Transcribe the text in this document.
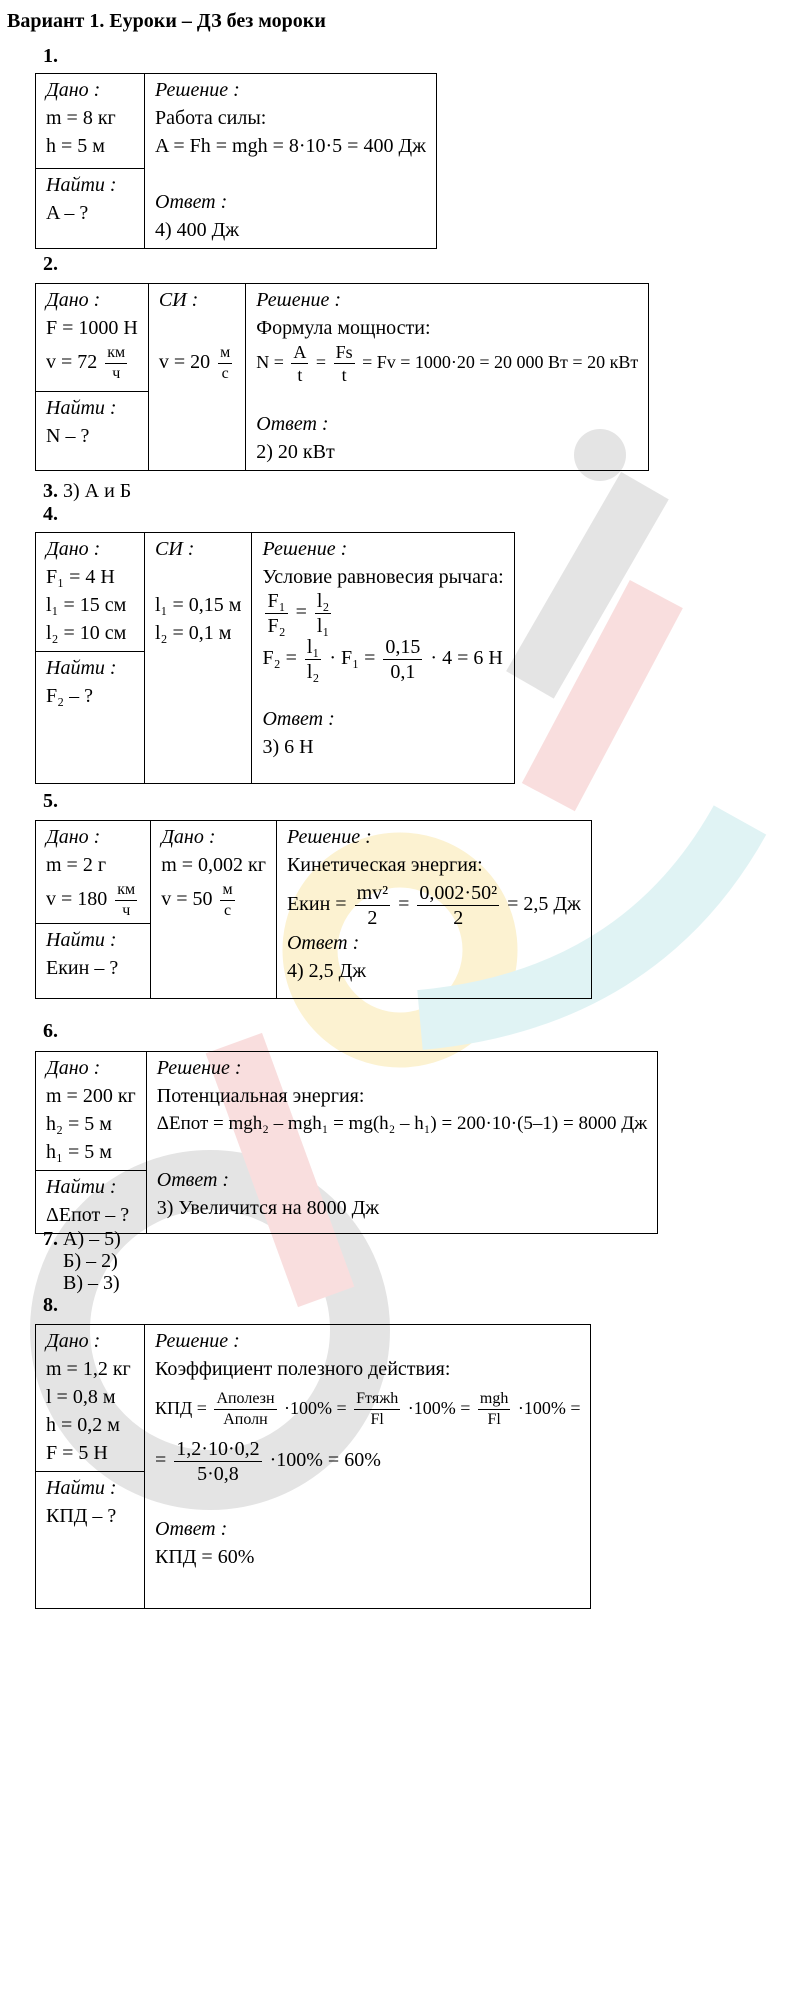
Вариант 1. Еуроки – ДЗ без мороки
1.
Дано :
m = 8 кг
h = 5 м

Решение :
Работа силы:
A = Fh = mgh = 8·10·5 = 400 Дж
Ответ :
4) 400 Дж

Найти :
A – ?
2.
Дано :
F = 1000 Н
$v = 72 \frac{км}{ч}$

СИ :
$v = 20 \frac{м}{с}$

Решение :
Формула мощности:
$N = \frac{A}{t} = \frac{Fs}{t} = Fv = 1000\cdot 20 = 20$ 000 Вт = 20 кВт
Ответ :
2) 20 кВт

Найти :
N – ?
3. 3) А и Б
4.
Дано :
F₁ = 4 Н
l₁ = 15 см
l₂ = 10 см

СИ :
l₁ = 0,15 м
l₂ = 0,1 м

Решение :
Условие равновесия рычага:
$\frac{\text{F₁}}{\text{F₂}} = \frac{\text{l₂}}{\text{l₁}}$
$F_2 = \frac{\text{l₁}}{\text{l₂}} \cdot F_1 = \frac{0,15}{0,1} \cdot 4 = 6$ Н
Ответ :
3) 6 Н

Найти :
F₂ – ?
5.
Дано :
m = 2 г
$v = 180 \frac{км}{ч}$

Дано :
m = 0,002 кг
$v = 50 \frac{м}{с}$

Решение :
Кинетическая энергия:
Eкин = $\frac{\text{mv²}}{2} = \frac{\text{0,002·50²}}{2} = 2,5$ Дж
Ответ :
4) 2,5 Дж

Найти :
Eкин – ?
6.
Дано :
m = 200 кг
h₂ = 5 м
h₁ = 5 м

Решение :
Потенциальная энергия:
ΔEпот = mgh₂ – mgh₁ = mg(h₂ – h₁) = 200·10·(5–1) = 8000 Дж
Ответ :
3) Увеличится на 8000 Дж

Найти :
ΔEпот – ?
7. А) – 5)
Б) – 2)
В) – 3)
8.
Дано :
m = 1,2 кг
l = 0,8 м
h = 0,2 м
F = 5 Н

Решение :
Коэффициент полезного действия:
КПД = $\frac{\text{Aполезн}}{\text{Aполн}} \cdot 100\% = \frac{\text{Fтяжh}}{Fl} \cdot 100\% = \frac{\text{mgh}}{Fl} \cdot 100\%$ =
= $\frac{1,2\cdot 10\cdot 0,2}{5\cdot 0,8} \cdot 100\% = 60\%$
Ответ :
КПД = 60%

Найти :
КПД – ?
